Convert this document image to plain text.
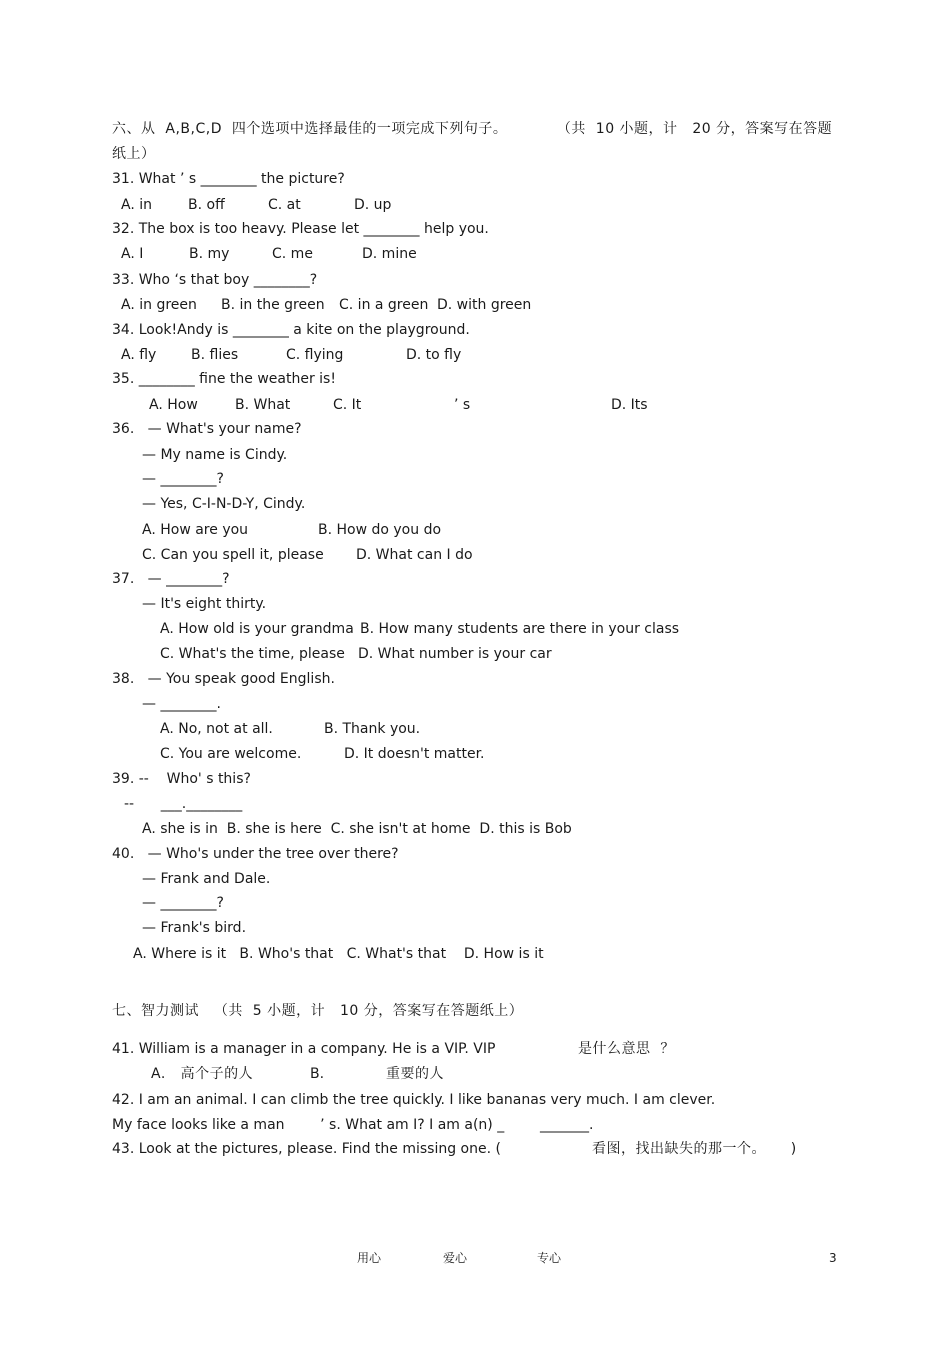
六、从  A,B,C,D  四个选项中选择最佳的一项完成下列句子。          （共  10 小题，计   20 分，答案写在答题
纸上）
31. What ’ s ________ the picture?
A. in	B. off	C. at	D. up
32. The box is too heavy. Please let ________ help you.
A. I	B. my	C. me	D. mine
33. Who ‘s that boy ________?
A. in green B. in the green C. in a green D. with green
34. Look!Andy is ________ a kite on the playground.
A. fly B. flies	C. flying	D. to fly
35. ________ fine the weather is!
A. How	B. What	C. It	’ s	D. Its
36.   — What's your name?
— My name is Cindy.
— ________?
— Yes, C-I-N-D-Y, Cindy.
A. How are you	B. How do you do
C. Can you spell it, please D. What can I do
37.   — ________?
— It's eight thirty.
A. How old is your grandma B. How many students are there in your class
C. What's the time, please D. What number is your car
38.   — You speak good English.
— ________.
A. No, not at all.	B. Thank you.
C. You are welcome.	D. It doesn't matter.
39. --    Who' s this?
--      ___.________
A. she is in  B. she is here  C. she isn't at home  D. this is Bob
40.   — Who's under the tree over there?
— Frank and Dale.
— ________?
— Frank's bird.
A. Where is it   B. Who's that   C. What's that    D. How is it
七、智力测试   （共  5 小题，计   10 分，答案写在答题纸上）
41. William is a manager in a company. He is a VIP. VIP	是什么意思  ？
A.   高个子的人	B.	重要的人
42. I am an animal. I can climb the tree quickly. I like bananas very much. I am clever.
My face looks like a man        ’ s. What am I? I am a(n) _	_______.
43. Look at the pictures, please. Find the missing one. (	看图，找出缺失的那一个。     )
用心	爱心	专心	3
